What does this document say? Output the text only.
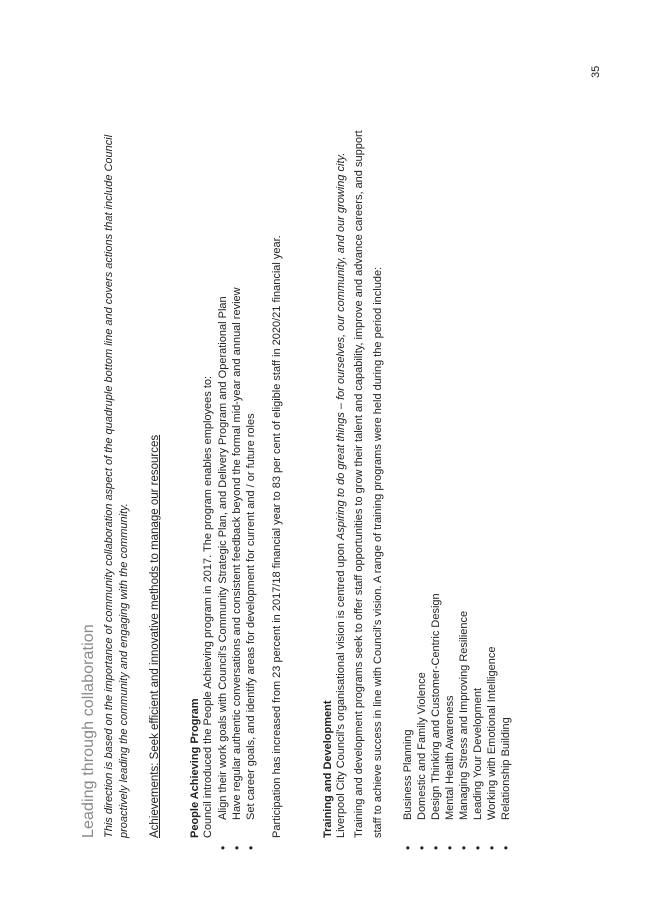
Leading through collaboration This direction is based on the importance of community collaboration aspect of the quadruple bottom line and covers actions that include Council proactively leading the community and engaging with the community. Achievements: Seek efficient and innovative methods to manage our resources	People Achieving Program Council introduced the People Achieving program in 2017. The program enables employees to: • Align their work goals with Council's Community Strategic Plan, and Delivery Program and Operational Plan • Have regular authentic conversations and consistent feedback beyond the formal mid-year and annual review • Set career goals, and identify areas for development for current and / or future roles Participation has increased from 23 percent in 2017/18 financial year to 83 per cent of eligible staff in 2020/21 financial year.	Training and Development Liverpool City Council's organisational vision is centred upon Aspiring to do great things – for ourselves, our community, and our growing city. Training and development programs seek to offer staff opportunities to grow their talent and capability, improve and advance careers, and support staff to achieve success in line with Council's vision. A range of training programs were held during the period include: • Business Planning • Domestic and Family Violence • Design Thinking and Customer-Centric Design • Mental Health Awareness • Managing Stress and Improving Resilience • Leading Your Development • Working with Emotional Intelligence • Relationship Building
35
